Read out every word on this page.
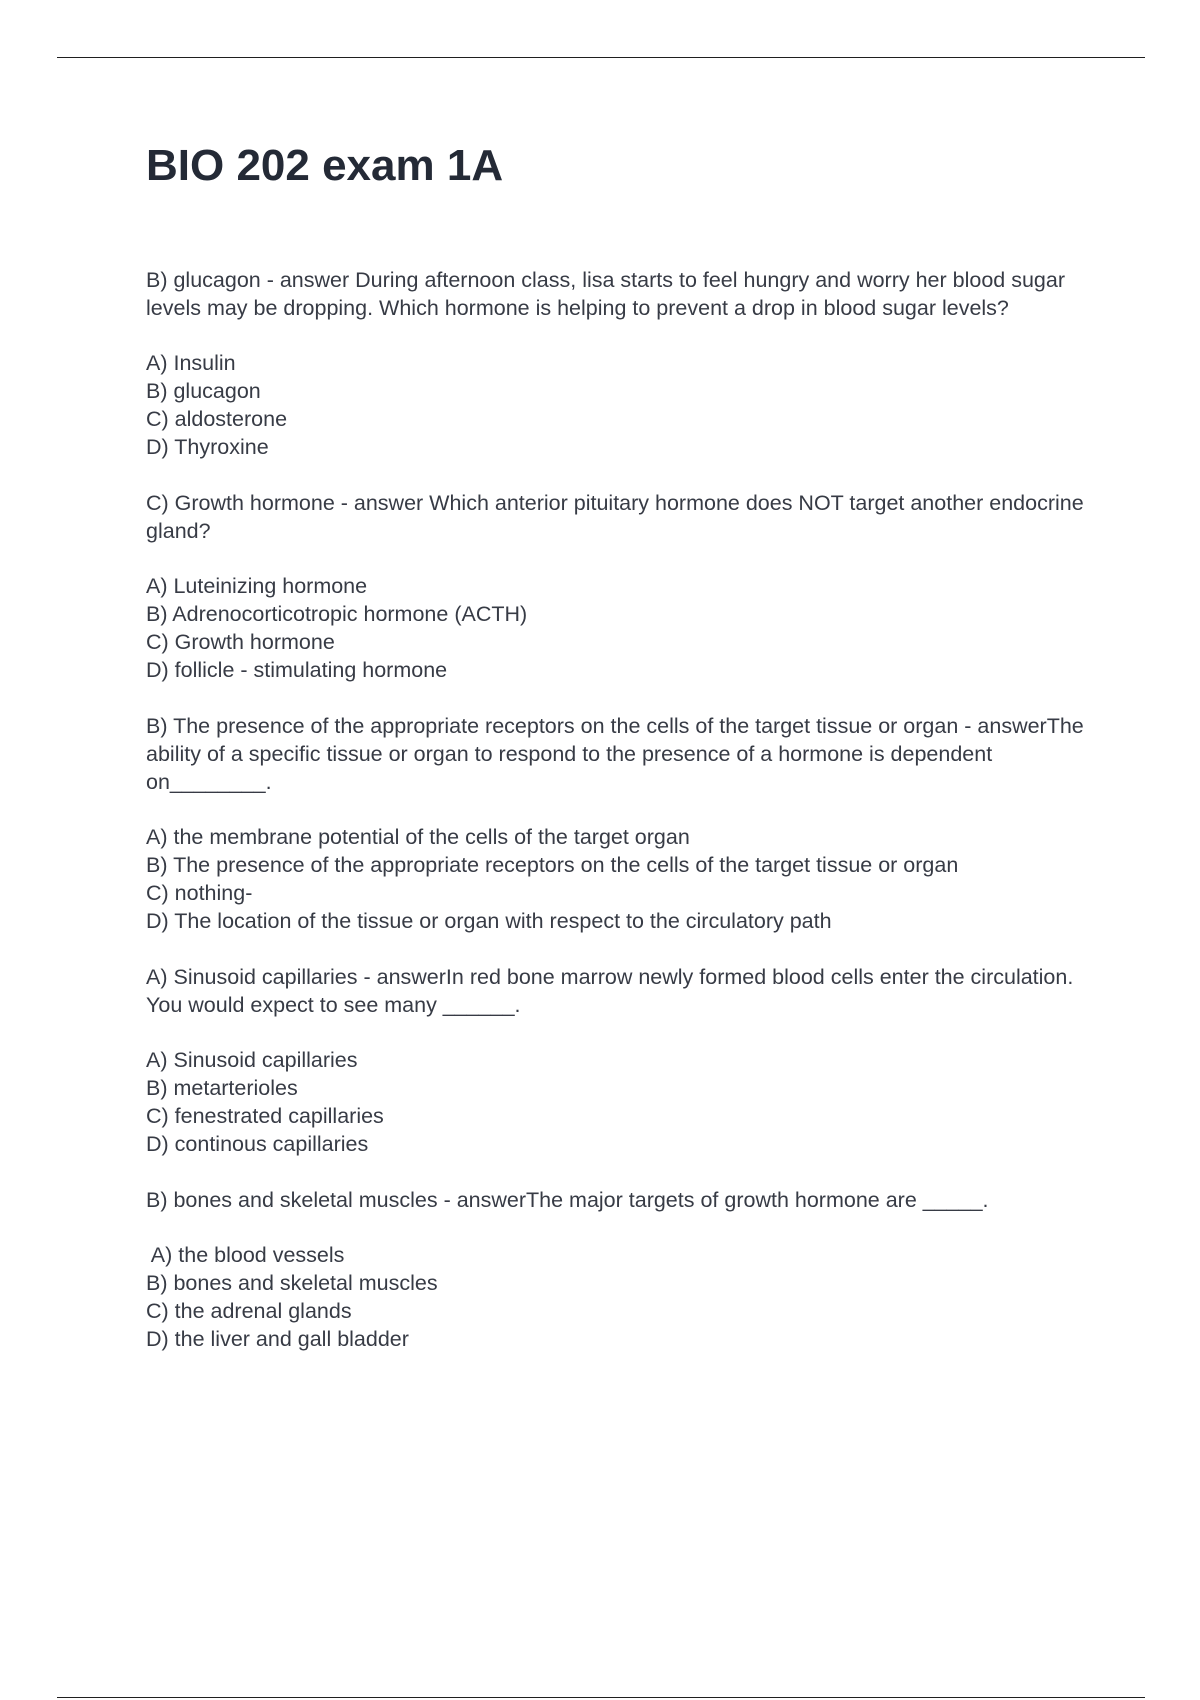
BIO 202 exam 1A

B) glucagon - answer During afternoon class, lisa starts to feel hungry and worry her blood sugar levels may be dropping. Which hormone is helping to prevent a drop in blood sugar levels?

A) Insulin
B) glucagon
C) aldosterone
D) Thyroxine

C) Growth hormone - answer Which anterior pituitary hormone does NOT target another endocrine gland?

A) Luteinizing hormone
B) Adrenocorticotropic hormone (ACTH)
C) Growth hormone
D) follicle - stimulating hormone

B) The presence of the appropriate receptors on the cells of the target tissue or organ - answerThe ability of a specific tissue or organ to respond to the presence of a hormone is dependent on________.

A) the membrane potential of the cells of the target organ
B) The presence of the appropriate receptors on the cells of the target tissue or organ
C) nothing-
D) The location of the tissue or organ with respect to the circulatory path

A) Sinusoid capillaries - answerIn red bone marrow newly formed blood cells enter the circulation. You would expect to see many ______.

A) Sinusoid capillaries
B) metarterioles
C) fenestrated capillaries
D) continous capillaries

B) bones and skeletal muscles - answerThe major targets of growth hormone are _____.

A) the blood vessels
B) bones and skeletal muscles
C) the adrenal glands
D) the liver and gall bladder
